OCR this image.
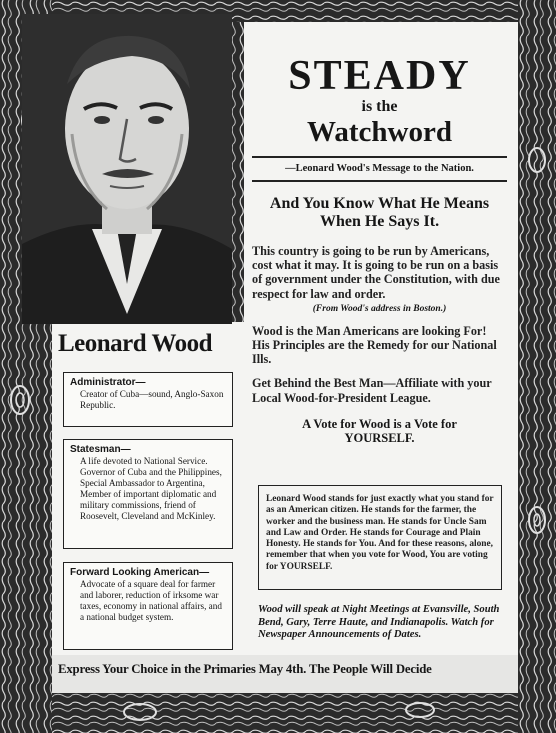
Leonard Wood
Administrator—
Creator of Cuba—sound, Anglo-Saxon Republic.
Statesman—
A life devoted to National Service. Governor of Cuba and the Philippines, Special Ambassador to Argentina, Member of important diplomatic and military commissions, friend of Roosevelt, Cleveland and McKinley.
Forward Looking American—
Advocate of a square deal for farmer and laborer, reduction of irksome war taxes, economy in national affairs, and a national budget system.
STEADY
is the
Watchword
—Leonard Wood's Message to the Nation.
And You Know What He Means When He Says It.
This country is going to be run by Americans, cost what it may. It is going to be run on a basis of government under the Constitution, with due respect for law and order.
(From Wood's address in Boston.)
Wood is the Man Americans are looking For! His Principles are the Remedy for our National Ills.
Get Behind the Best Man—Affiliate with your Local Wood-for-President League.
A Vote for Wood is a Vote for
YOURSELF.
Leonard Wood stands for just exactly what you stand for as an American citizen. He stands for the farmer, the worker and the business man. He stands for Uncle Sam and Law and Order. He stands for Courage and Plain Honesty. He stands for You. And for these reasons, alone, remember that when you vote for Wood, You are voting for YOURSELF.
Wood will speak at Night Meetings at Evansville, South Bend, Gary, Terre Haute, and Indianapolis. Watch for Newspaper Announcements of Dates.
Express Your Choice in the Primaries May 4th. The People Will Decide
